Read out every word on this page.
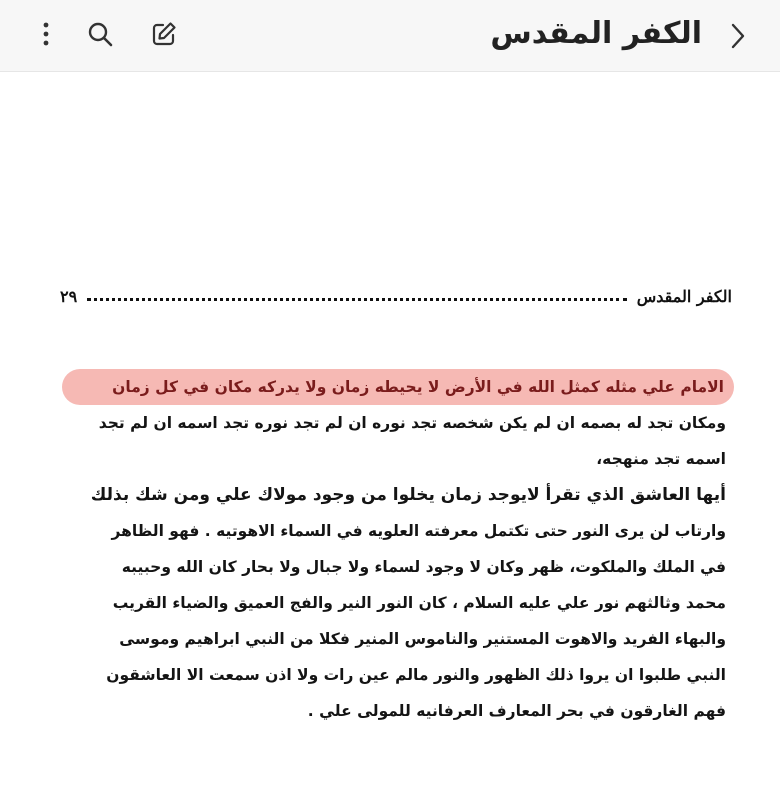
الكفر المقدس
الكفر المقدس
٢٩
الامام علي مثله كمثل الله في الأرض لا يحيطه زمان ولا يدركه مكان في كل زمان
ومكان تجد له بصمه ان لم يكن شخصه تجد نوره ان لم تجد نوره تجد اسمه ان لم تجد
اسمه تجد منهجه،
أيها العاشق الذي تقرأ لايوجد زمان يخلوا من وجود مولاك علي ومن شك بذلك
وارتاب لن يرى النور حتى تكتمل معرفته العلويه في السماء الاهوتيه . فهو الظاهر
في الملك والملكوت، ظهر وكان لا وجود لسماء ولا جبال ولا بحار كان الله وحبيبه
محمد وثالثهم نور علي عليه السلام ، كان النور النير والفج العميق والضياء القريب
والبهاء الفريد والاهوت المستنير والناموس المنير فكلا من النبي ابراهيم وموسى
النبي طلبوا ان يروا ذلك الظهور والنور مالم عين رات ولا اذن سمعت الا العاشقون
فهم الغارقون في بحر المعارف العرفانيه للمولى علي .
